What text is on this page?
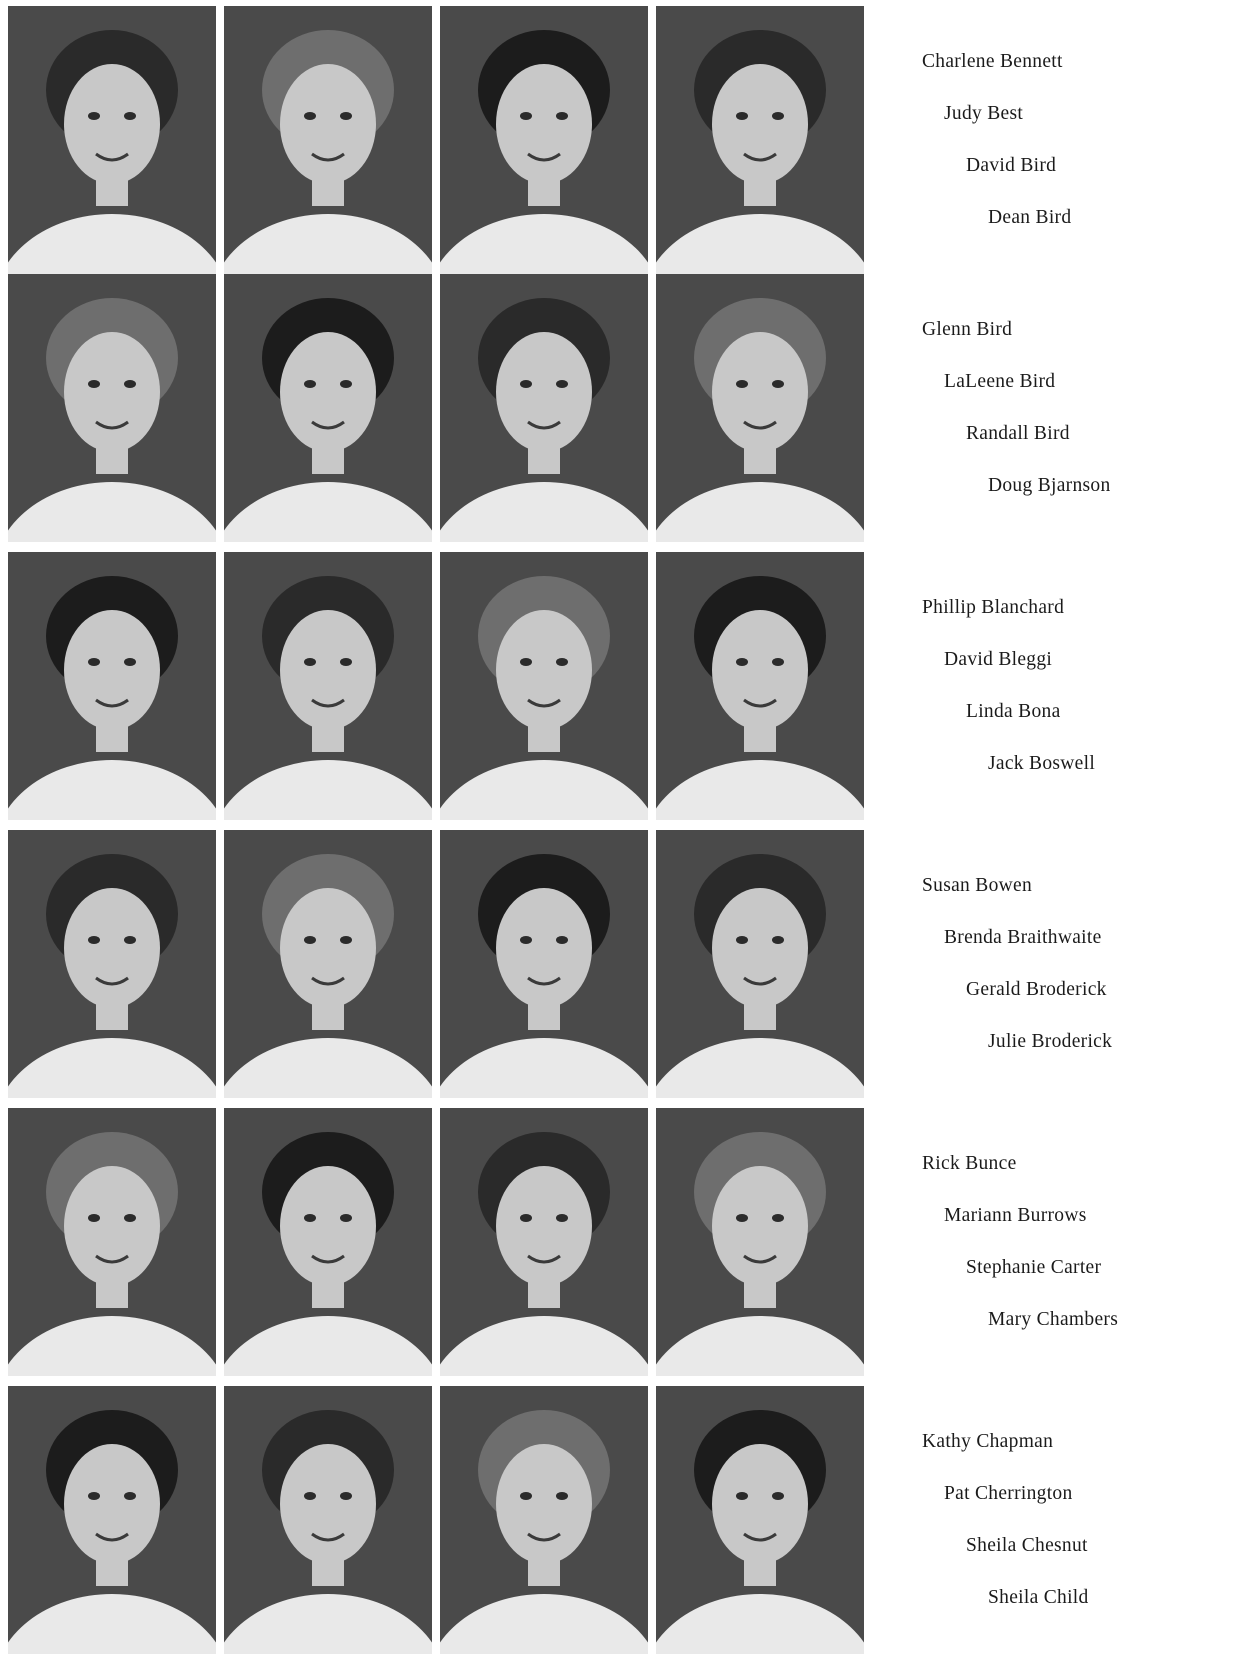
Charlene Bennett
Judy Best
David Bird
Dean Bird
Glenn Bird
LaLeene Bird
Randall Bird
Doug Bjarnson
Phillip Blanchard
David Bleggi
Linda Bona
Jack Boswell
Susan Bowen
Brenda Braithwaite
Gerald Broderick
Julie Broderick
Rick Bunce
Mariann Burrows
Stephanie Carter
Mary Chambers
Kathy Chapman
Pat Cherrington
Sheila Chesnut
Sheila Child
